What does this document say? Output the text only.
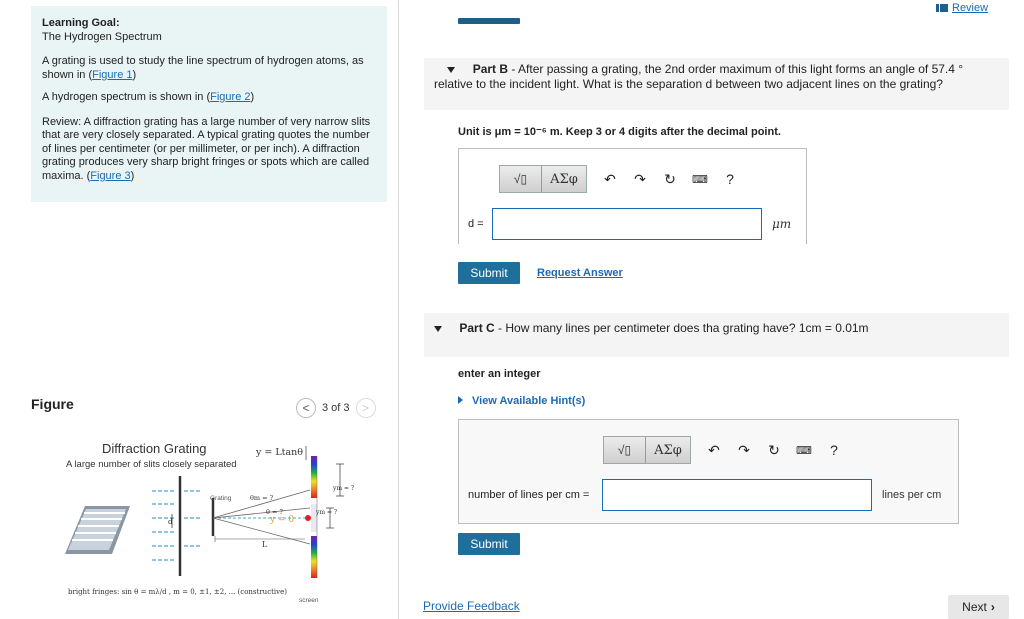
Learning Goal:

The Hydrogen Spectrum

A grating is used to study the line spectrum of hydrogen atoms, as shown in (Figure 1)

A hydrogen spectrum is shown in (Figure 2)

Review: A diffraction grating has a large number of very narrow slits that are very closely separated. A typical grating quotes the number of lines per centimeter (or per millimeter, or per inch). A diffraction grating produces very sharp bright fringes or spots which are called maxima. (Figure 3)

Figure	<	3 of 3	>
Diffraction Grating
A large number of slits closely separated
y = Ltanθ
d
Grating	θm = ?
θ = ?
y = 0
L
ym = ?
ym = ?
bright fringes: sin θ = mλ/d , m = 0, ±1, ±2, ... (constructive)
screen
Review
Part B - After passing a grating, the 2nd order maximum of this light forms an angle of 57.4 ° relative to the incident light. What is the separation d between two adjacent lines on the grating?
Unit is μm = 10⁻⁶ m. Keep 3 or 4 digits after the decimal point.
√▯	ΑΣφ	↶	↷	↻	⌨	?
d =	μm
Submit	Request Answer
Part C - How many lines per centimeter does tha grating have? 1cm = 0.01m
enter an integer
View Available Hint(s)
√▯	ΑΣφ	↶	↷	↻	⌨	?
number of lines per cm =	lines per cm
Submit
Provide Feedback	Next ›
